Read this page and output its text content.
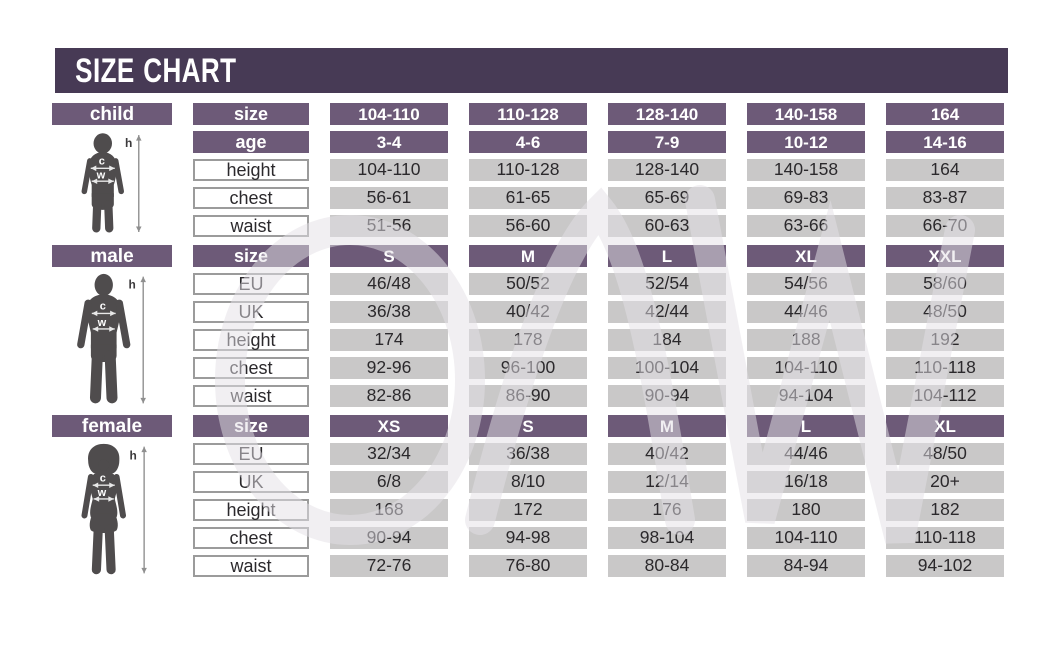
SIZE CHART
child
h
c
w
size	104-110	110-128	128-140	140-158	164
age	3-4	4-6	7-9	10-12	14-16
height	104-110	110-128	128-140	140-158	164
chest	56-61	61-65	65-69	69-83	83-87
waist	51-56	56-60	60-63	63-66	66-70
male
h
c
w
size	S	M	L	XL	XXL
EU	46/48	50/52	52/54	54/56	58/60
UK	36/38	40/42	42/44	44/46	48/50
height	174	178	184	188	192
chest	92-96	96-100	100-104	104-110	110-118
waist	82-86	86-90	90-94	94-104	104-112
female
h
c
w
size	XS	S	M	L	XL
EU	32/34	36/38	40/42	44/46	48/50
UK	6/8	8/10	12/14	16/18	20+
height	168	172	176	180	182
chest	90-94	94-98	98-104	104-110	110-118
waist	72-76	76-80	80-84	84-94	94-102
